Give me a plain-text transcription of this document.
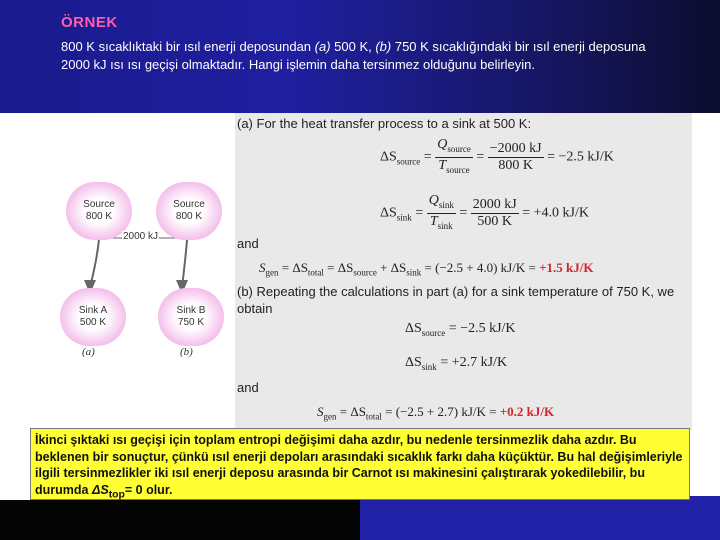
ÖRNEK
800 K sıcaklıktaki bir ısıl enerji deposundan (a) 500 K, (b) 750 K sıcaklığındaki bir ısıl enerji deposuna 2000 kJ ısı ısı geçişi olmaktadır. Hangi işlemin daha tersinmez olduğunu belirleyin.
Source
800 K
Source
800 K
2000 kJ
Sink A
500 K
Sink B
750 K
(a)	(b)
(a) For the heat transfer process to a sink at 500 K:
$\Delta S_{source} = \frac{Q_{source}}{T_{source}} = \frac{-2000 kJ}{800 K} = -2.5$ kJ/K
$\Delta S_{sink} = \frac{Q_{sink}}{T_{sink}} = \frac{2000 kJ}{500 K} = +4.0$ kJ/K
and
$S_{gen} = \Delta S_{total} = \Delta S_{source} + \Delta S_{sink} = (-2.5 + 4.0) kJ/K = +1.5$ kJ/K
(b) Repeating the calculations in part (a) for a sink temperature of 750 K, we obtain
$\Delta S_{source} = -2.5$ kJ/K
$\Delta S_{sink} = +2.7$ kJ/K
and
$S_{gen} = \Delta S_{total} = (-2.5 + 2.7) kJ/K = +0.2$ kJ/K
İkinci şıktaki ısı geçişi için toplam entropi değişimi daha azdır, bu nedenle tersinmezlik daha azdır. Bu beklenen bir sonuçtur, çünkü ısıl enerji depoları arasındaki sıcaklık farkı daha küçüktür. Bu hal değişimleriyle ilgili tersinmezlikler iki ısıl enerji deposu arasında bir Carnot ısı makinesini çalıştırarak yokedilebilir, bu durumda $\Delta S_{top}= 0$ olur.
